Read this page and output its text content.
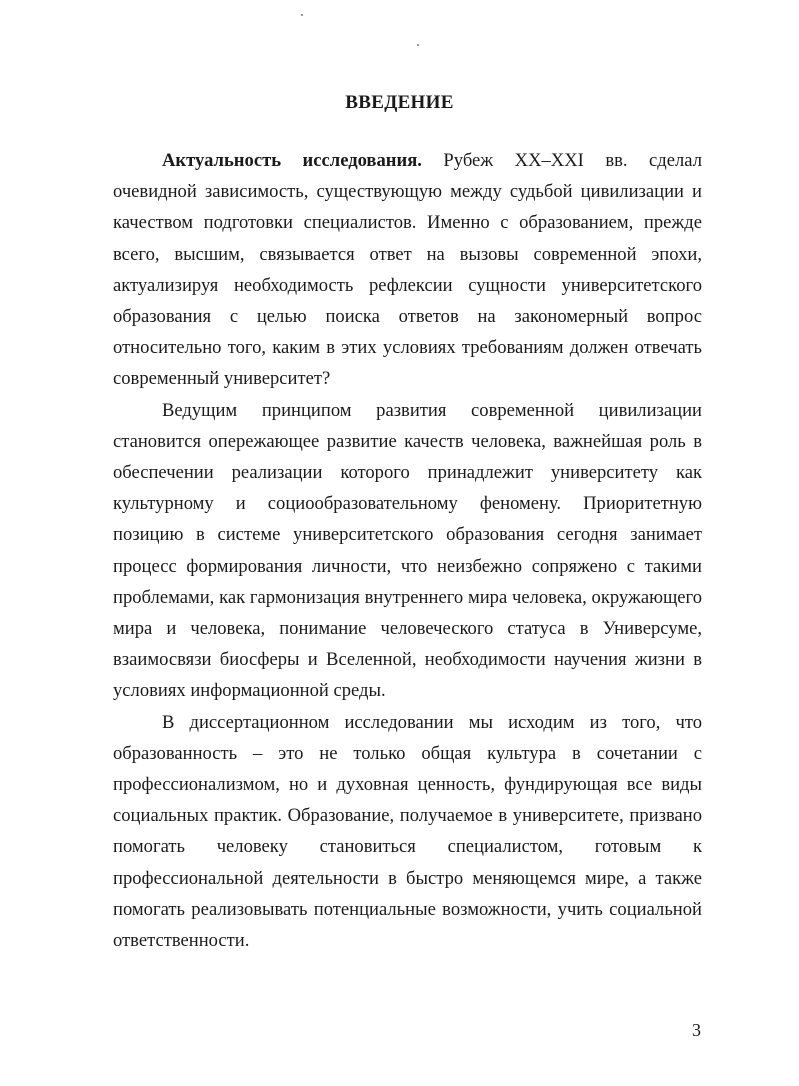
ВВЕДЕНИЕ

Актуальность исследования. Рубеж XX–XXI вв. сделал очевидной зависимость, существующую между судьбой цивилизации и качеством подготовки специалистов. Именно с образованием, прежде всего, высшим, связывается ответ на вызовы современной эпохи, актуализируя необходимость рефлексии сущности университетского образования с целью поиска ответов на закономерный вопрос относительно того, каким в этих условиях требованиям должен отвечать современный университет?

Ведущим принципом развития современной цивилизации становится опережающее развитие качеств человека, важнейшая роль в обеспечении реализации которого принадлежит университету как культурному и социообразовательному феномену. Приоритетную позицию в системе университетского образования сегодня занимает процесс формирования личности, что неизбежно сопряжено с такими проблемами, как гармонизация внутреннего мира человека, окружающего мира и человека, понимание человеческого статуса в Универсуме, взаимосвязи биосферы и Вселенной, необходимости научения жизни в условиях информационной среды.

В диссертационном исследовании мы исходим из того, что образованность – это не только общая культура в сочетании с профессионализмом, но и духовная ценность, фундирующая все виды социальных практик. Образование, получаемое в университете, призвано помогать человеку становиться специалистом, готовым к профессиональной деятельности в быстро меняющемся мире, а также помогать реализовывать потенциальные возможности, учить социальной ответственности.

3
